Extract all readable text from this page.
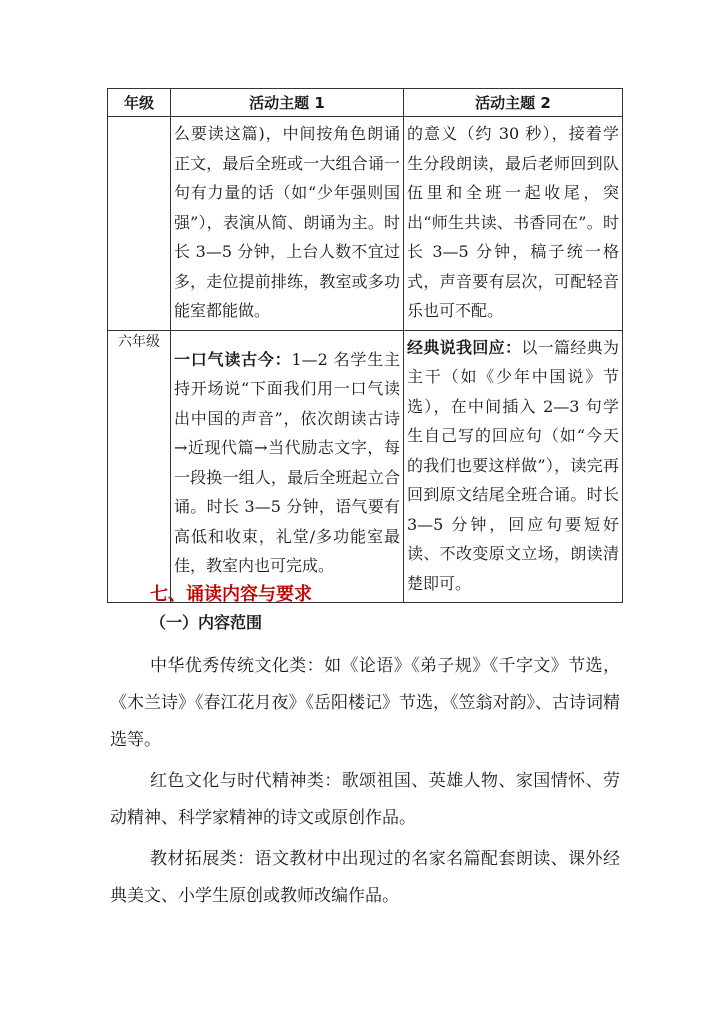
年级	活动主题 1	活动主题 2

	么要读这篇)，中间按角色朗诵正文，最后全班或一大组合诵一句有力量的话（如“少年强则国强”），表演从简、朗诵为主。时长 3—5 分钟，上台人数不宜过多，走位提前排练，教室或多功能室都能做。	的意义（约 30 秒），接着学生分段朗读，最后老师回到队伍里和全班一起收尾，突出“师生共读、书香同在”。时长 3—5 分钟，稿子统一格式，声音要有层次，可配轻音乐也可不配。

六年级	一口气读古今：1—2 名学生主持开场说“下面我们用一口气读出中国的声音”，依次朗读古诗→近现代篇→当代励志文字，每一段换一组人，最后全班起立合诵。时长 3—5 分钟，语气要有高低和收束，礼堂/多功能室最佳，教室内也可完成。	经典说我回应：以一篇经典为主干（如《少年中国说》节选），在中间插入 2—3 句学生自己写的回应句（如“今天的我们也要这样做”），读完再回到原文结尾全班合诵。时长 3—5 分钟，回应句要短好读、不改变原文立场，朗读清楚即可。
七、诵读内容与要求
（一）内容范围

中华优秀传统文化类：如《论语》《弟子规》《千字文》节选，《木兰诗》《春江花月夜》《岳阳楼记》节选，《笠翁对韵》、古诗词精选等。

红色文化与时代精神类：歌颂祖国、英雄人物、家国情怀、劳动精神、科学家精神的诗文或原创作品。

教材拓展类：语文教材中出现过的名家名篇配套朗读、课外经典美文、小学生原创或教师改编作品。
